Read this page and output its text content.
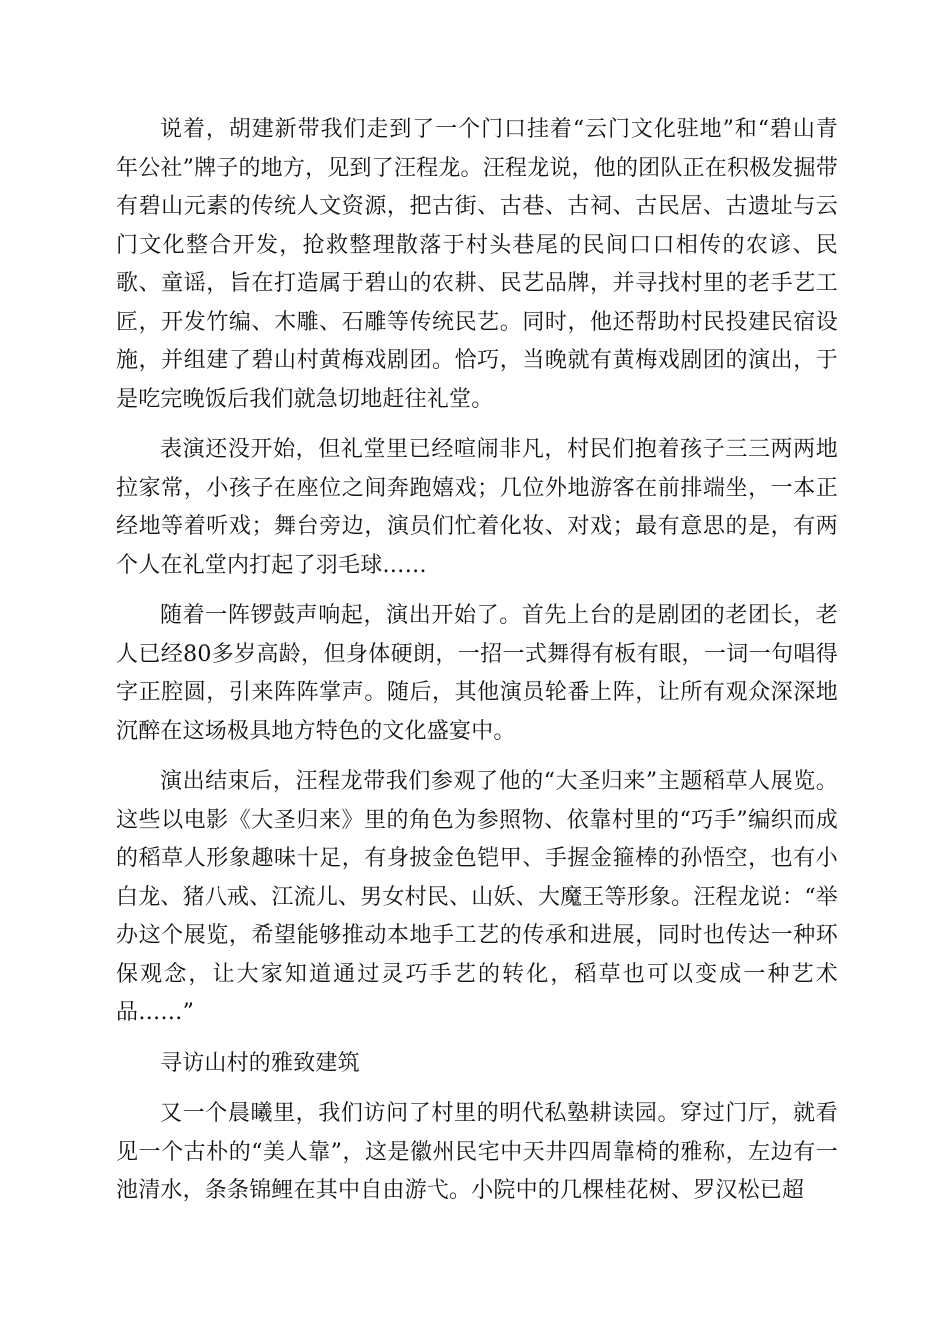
说着，胡建新带我们走到了一个门口挂着“云门文化驻地”和“碧山青年公社”牌子的地方，见到了汪程龙。汪程龙说，他的团队正在积极发掘带有碧山元素的传统人文资源，把古街、古巷、古祠、古民居、古遗址与云门文化整合开发，抢救整理散落于村头巷尾的民间口口相传的农谚、民歌、童谣，旨在打造属于碧山的农耕、民艺品牌，并寻找村里的老手艺工匠，开发竹编、木雕、石雕等传统民艺。同时，他还帮助村民投建民宿设施，并组建了碧山村黄梅戏剧团。恰巧，当晚就有黄梅戏剧团的演出，于是吃完晚饭后我们就急切地赶往礼堂。

表演还没开始，但礼堂里已经喧闹非凡，村民们抱着孩子三三两两地拉家常，小孩子在座位之间奔跑嬉戏；几位外地游客在前排端坐，一本正经地等着听戏；舞台旁边，演员们忙着化妆、对戏；最有意思的是，有两个人在礼堂内打起了羽毛球……

随着一阵锣鼓声响起，演出开始了。首先上台的是剧团的老团长，老人已经80多岁高龄，但身体硬朗，一招一式舞得有板有眼，一词一句唱得字正腔圆，引来阵阵掌声。随后，其他演员轮番上阵，让所有观众深深地沉醉在这场极具地方特色的文化盛宴中。

演出结束后，汪程龙带我们参观了他的“大圣归来”主题稻草人展览。这些以电影《大圣归来》里的角色为参照物、依靠村里的“巧手”编织而成的稻草人形象趣味十足，有身披金色铠甲、手握金箍棒的孙悟空，也有小白龙、猪八戒、江流儿、男女村民、山妖、大魔王等形象。汪程龙说：“举办这个展览，希望能够推动本地手工艺的传承和进展，同时也传达一种环保观念，让大家知道通过灵巧手艺的转化，稻草也可以变成一种艺术品……”

寻访山村的雅致建筑

又一个晨曦里，我们访问了村里的明代私塾耕读园。穿过门厅，就看见一个古朴的“美人靠”，这是徽州民宅中天井四周靠椅的雅称，左边有一池清水，条条锦鲤在其中自由游弋。小院中的几棵桂花树、罗汉松已超
